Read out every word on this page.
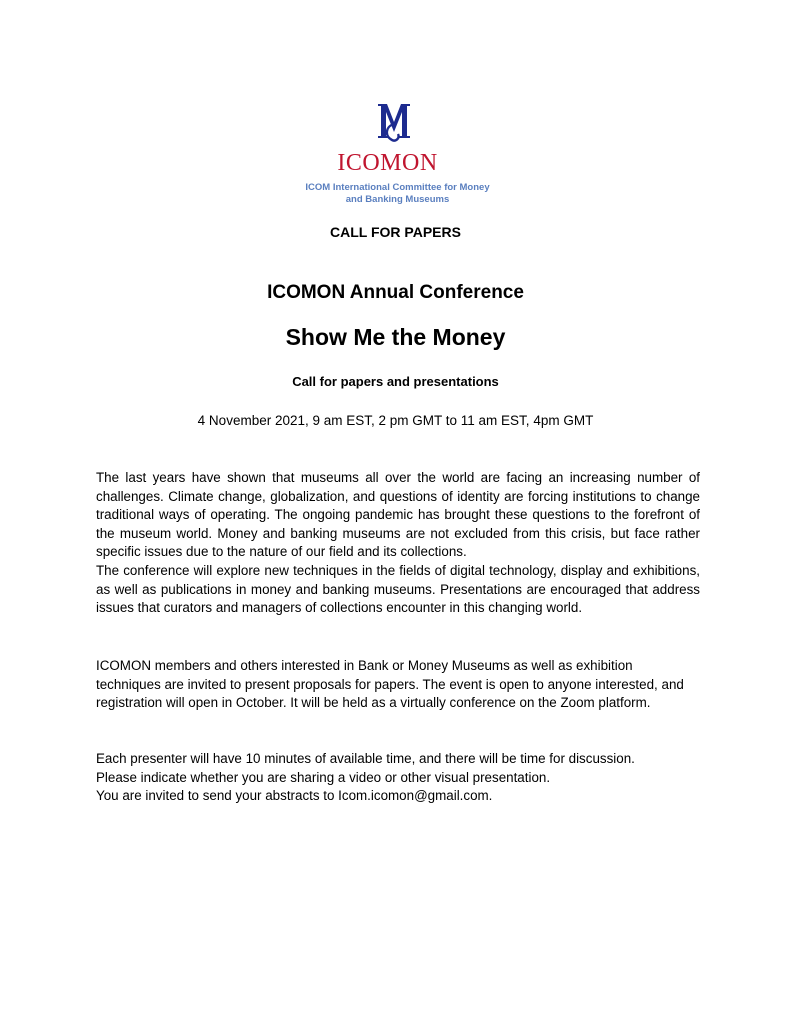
ICOMON
ICOM International Committee for Money
and Banking Museums
CALL FOR PAPERS
ICOMON Annual Conference
Show Me the Money
Call for papers and presentations
4 November 2021, 9 am EST, 2 pm GMT to 11 am EST, 4pm GMT

The last years have shown that museums all over the world are facing an increasing number of challenges. Climate change, globalization, and questions of identity are forcing institutions to change traditional ways of operating. The ongoing pandemic has brought these questions to the forefront of the museum world. Money and banking museums are not excluded from this crisis, but face rather specific issues due to the nature of our field and its collections.

The conference will explore new techniques in the fields of digital technology, display and exhibitions, as well as publications in money and banking museums. Presentations are encouraged that address issues that curators and managers of collections encounter in this changing world.

ICOMON members and others interested in Bank or Money Museums as well as exhibition techniques are invited to present proposals for papers. The event is open to anyone interested, and registration will open in October. It will be held as a virtually conference on the Zoom platform.

Each presenter will have 10 minutes of available time, and there will be time for discussion.

Please indicate whether you are sharing a video or other visual presentation.

You are invited to send your abstracts to Icom.icomon@gmail.com.
